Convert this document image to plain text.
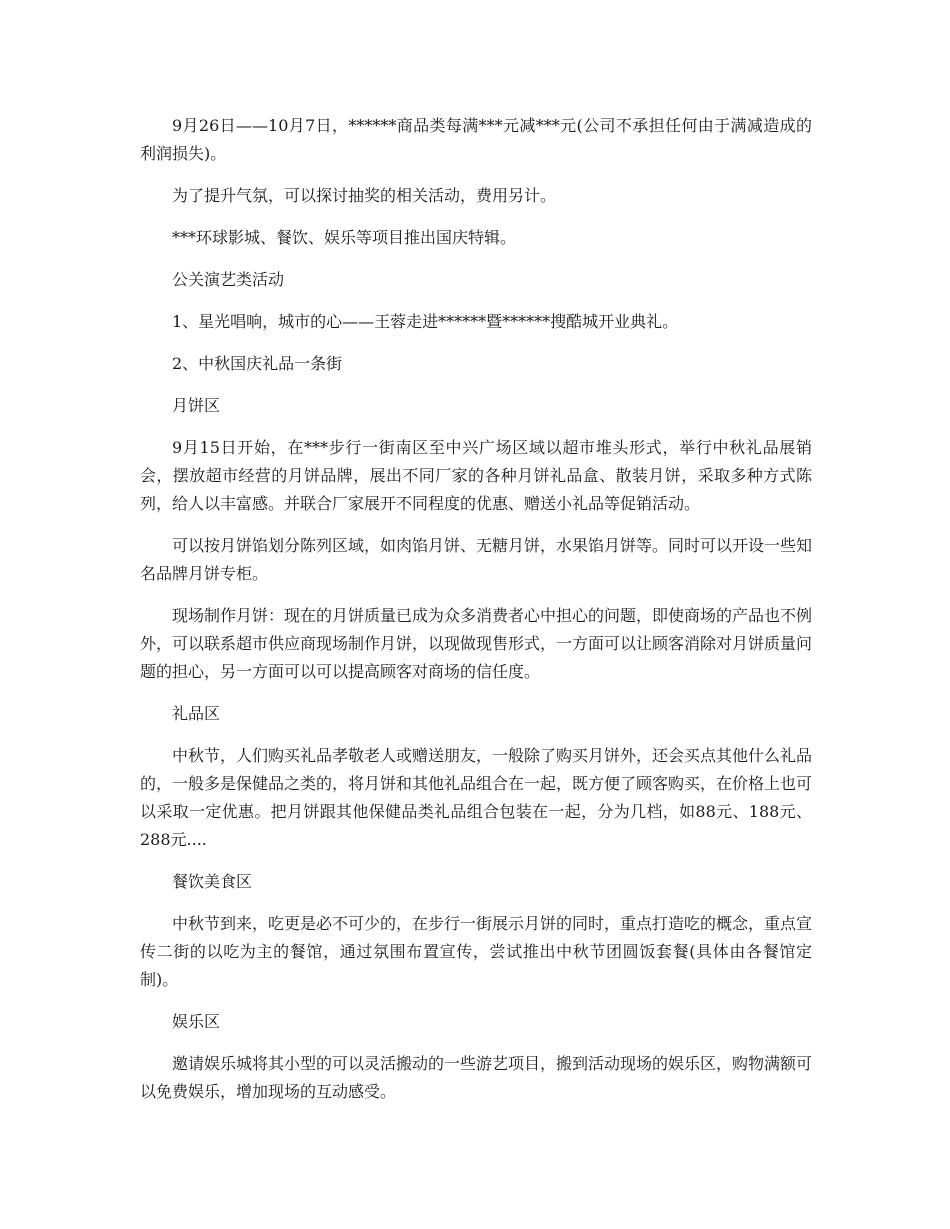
9月26日——10月7日，******商品类每满***元减***元(公司不承担任何由于满减造成的利润损失)。

为了提升气氛，可以探讨抽奖的相关活动，费用另计。

***环球影城、餐饮、娱乐等项目推出国庆特辑。

公关演艺类活动

1、星光唱响，城市的心——王蓉走进******暨******搜酷城开业典礼。

2、中秋国庆礼品一条街

月饼区

9月15日开始，在***步行一街南区至中兴广场区域以超市堆头形式，举行中秋礼品展销会，摆放超市经营的月饼品牌，展出不同厂家的各种月饼礼品盒、散装月饼，采取多种方式陈列，给人以丰富感。并联合厂家展开不同程度的优惠、赠送小礼品等促销活动。

可以按月饼馅划分陈列区域，如肉馅月饼、无糖月饼，水果馅月饼等。同时可以开设一些知名品牌月饼专柜。

现场制作月饼：现在的月饼质量已成为众多消费者心中担心的问题，即使商场的产品也不例外，可以联系超市供应商现场制作月饼，以现做现售形式，一方面可以让顾客消除对月饼质量问题的担心，另一方面可以可以提高顾客对商场的信任度。

礼品区

中秋节，人们购买礼品孝敬老人或赠送朋友，一般除了购买月饼外，还会买点其他什么礼品的，一般多是保健品之类的，将月饼和其他礼品组合在一起，既方便了顾客购买，在价格上也可以采取一定优惠。把月饼跟其他保健品类礼品组合包装在一起，分为几档，如88元、188元、288元....

餐饮美食区

中秋节到来，吃更是必不可少的，在步行一街展示月饼的同时，重点打造吃的概念，重点宣传二街的以吃为主的餐馆，通过氛围布置宣传，尝试推出中秋节团圆饭套餐(具体由各餐馆定制)。

娱乐区

邀请娱乐城将其小型的可以灵活搬动的一些游艺项目，搬到活动现场的娱乐区，购物满额可以免费娱乐，增加现场的互动感受。
